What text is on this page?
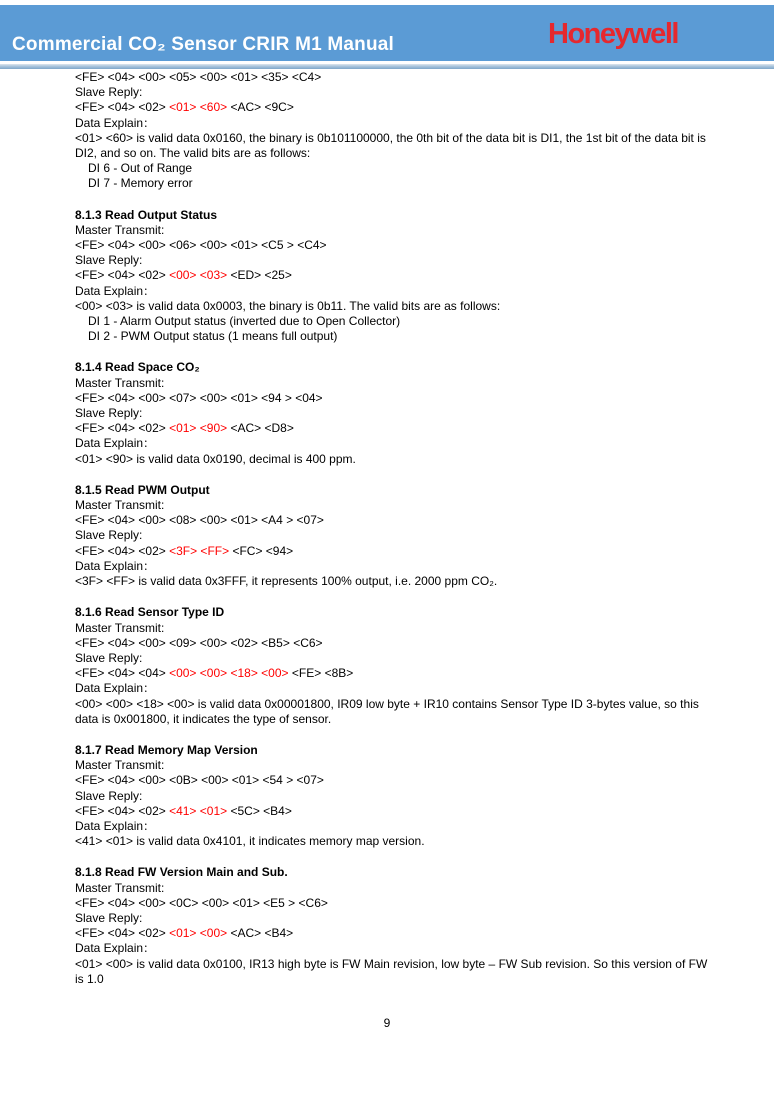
Commercial CO₂ Sensor CRIR M1 Manual	Honeywell
<FE> <04> <00> <05> <00> <01> <35> <C4>
Slave Reply:
<FE> <04> <02> <01> <60> <AC> <9C>
Data Explain：
<01> <60> is valid data 0x0160, the binary is 0b101100000, the 0th bit of the data bit is DI1, the 1st bit of the data bit is DI2, and so on. The valid bits are as follows:
DI 6 - Out of Range
DI 7 - Memory error
8.1.3 Read Output Status
Master Transmit:
<FE> <04> <00> <06> <00> <01> <C5 > <C4>
Slave Reply:
<FE> <04> <02> <00> <03> <ED> <25>
Data Explain：
<00> <03> is valid data 0x0003, the binary is 0b11. The valid bits are as follows:
DI 1 - Alarm Output status (inverted due to Open Collector)
DI 2 - PWM Output status (1 means full output)
8.1.4 Read Space CO₂
Master Transmit:
<FE> <04> <00> <07> <00> <01> <94 > <04>
Slave Reply:
<FE> <04> <02> <01> <90> <AC> <D8>
Data Explain：
<01> <90> is valid data 0x0190, decimal is 400 ppm.
8.1.5 Read PWM Output
Master Transmit:
<FE> <04> <00> <08> <00> <01> <A4 > <07>
Slave Reply:
<FE> <04> <02> <3F> <FF> <FC> <94>
Data Explain：
<3F> <FF> is valid data 0x3FFF, it represents 100% output, i.e. 2000 ppm CO₂.
8.1.6 Read Sensor Type ID
Master Transmit:
<FE> <04> <00> <09> <00> <02> <B5> <C6>
Slave Reply:
<FE> <04> <04> <00> <00> <18> <00> <FE> <8B>
Data Explain：
<00> <00> <18> <00> is valid data 0x00001800, IR09 low byte + IR10 contains Sensor Type ID 3-bytes value, so this data is 0x001800, it indicates the type of sensor.
8.1.7 Read Memory Map Version
Master Transmit:
<FE> <04> <00> <0B> <00> <01> <54 > <07>
Slave Reply:
<FE> <04> <02> <41> <01> <5C> <B4>
Data Explain：
<41> <01> is valid data 0x4101, it indicates memory map version.
8.1.8 Read FW Version Main and Sub.
Master Transmit:
<FE> <04> <00> <0C> <00> <01> <E5 > <C6>
Slave Reply:
<FE> <04> <02> <01> <00> <AC> <B4>
Data Explain：
<01> <00> is valid data 0x0100, IR13 high byte is FW Main revision, low byte – FW Sub revision. So this version of FW is 1.0
9
